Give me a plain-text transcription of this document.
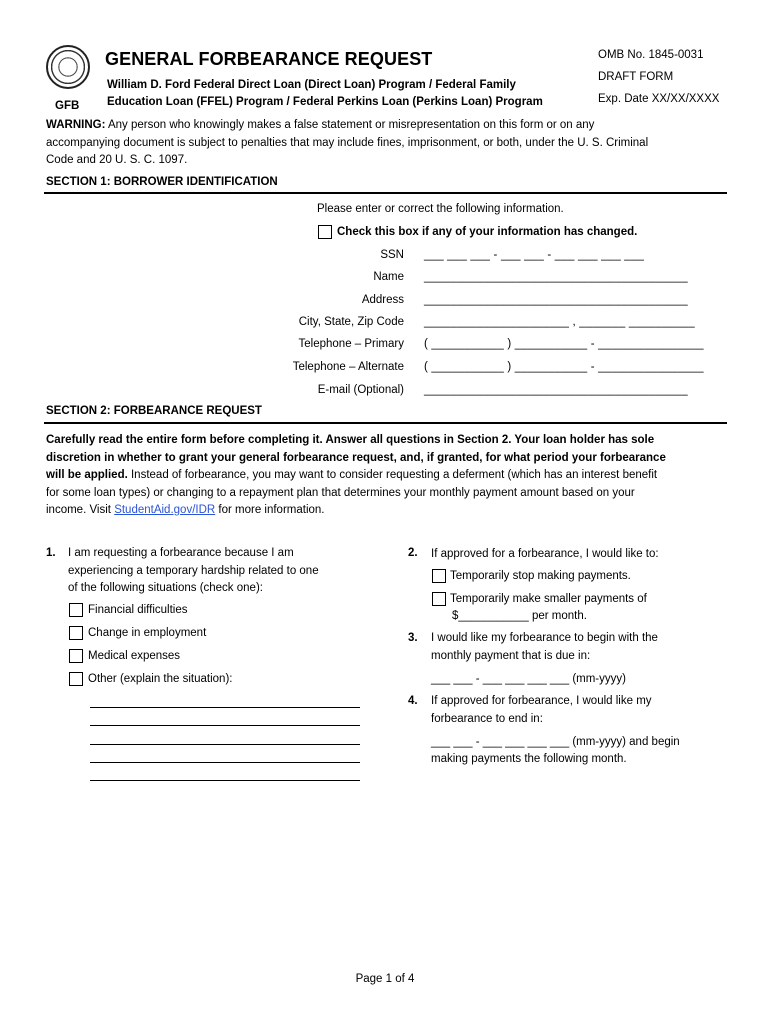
GFB
GENERAL FORBEARANCE REQUEST
William D. Ford Federal Direct Loan (Direct Loan) Program / Federal Family
Education Loan (FFEL) Program / Federal Perkins Loan (Perkins Loan) Program
OMB No. 1845-0031
DRAFT FORM
Exp. Date XX/XX/XXXX
WARNING: Any person who knowingly makes a false statement or misrepresentation on this form or on any
accompanying document is subject to penalties that may include fines, imprisonment, or both, under the U. S. Criminal
Code and 20 U. S. C. 1097.
SECTION 1: BORROWER IDENTIFICATION
Please enter or correct the following information.
Check this box if any of your information has changed.
SSN ___ ___ ___ - ___ ___ - ___ ___ ___ ___
Name ________________________________________
Address ________________________________________
City, State, Zip Code ______________________ , _______ __________
Telephone – Primary ( ___________ ) ___________ - ________________
Telephone – Alternate ( ___________ ) ___________ - ________________
E-mail (Optional) ________________________________________
SECTION 2: FORBEARANCE REQUEST
Carefully read the entire form before completing it. Answer all questions in Section 2. Your loan holder has sole
discretion in whether to grant your general forbearance request, and, if granted, for what period your forbearance
will be applied. Instead of forbearance, you may want to consider requesting a deferment (which has an interest benefit
for some loan types) or changing to a repayment plan that determines your monthly payment amount based on your
income. Visit StudentAid.gov/IDR for more information.
1. I am requesting a forbearance because I am
experiencing a temporary hardship related to one
of the following situations (check one):
Financial difficulties
Change in employment
Medical expenses
Other (explain the situation):
2. If approved for a forbearance, I would like to:
Temporarily stop making payments.
Temporarily make smaller payments of
$___________ per month.
3. I would like my forbearance to begin with the
monthly payment that is due in:
___ ___ - ___ ___ ___ ___ (mm-yyyy)
4. If approved for forbearance, I would like my
forbearance to end in:
___ ___ - ___ ___ ___ ___ (mm-yyyy) and begin
making payments the following month.
Page 1 of 4
